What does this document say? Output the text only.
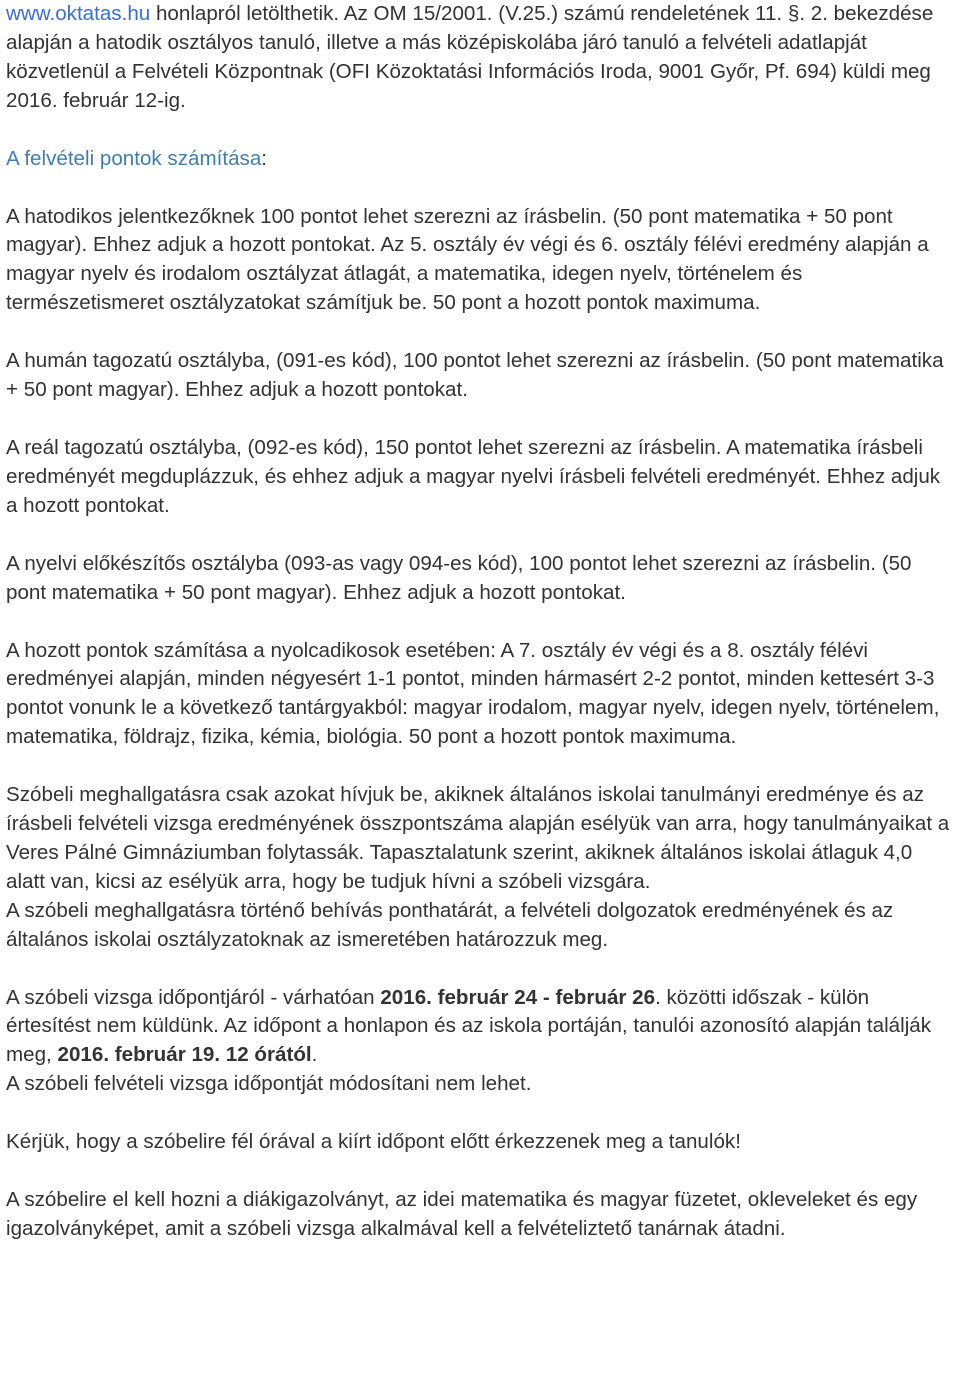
www.oktatas.hu honlapról letölthetik. Az OM 15/2001. (V.25.) számú rendeletének 11. §. 2. bekezdése alapján a hatodik osztályos tanuló, illetve a más középiskolába járó tanuló a felvételi adatlapját közvetlenül a Felvételi Központnak (OFI Közoktatási Információs Iroda, 9001 Győr, Pf. 694) küldi meg 2016. február 12-ig.

A felvételi pontok számítása:

A hatodikos jelentkezőknek 100 pontot lehet szerezni az írásbelin. (50 pont matematika + 50 pont magyar). Ehhez adjuk a hozott pontokat. Az 5. osztály év végi és 6. osztály félévi eredmény alapján a magyar nyelv és irodalom osztályzat átlagát, a matematika, idegen nyelv, történelem és természetismeret osztályzatokat számítjuk be. 50 pont a hozott pontok maximuma.

A humán tagozatú osztályba, (091-es kód), 100 pontot lehet szerezni az írásbelin. (50 pont matematika + 50 pont magyar). Ehhez adjuk a hozott pontokat.

A reál tagozatú osztályba, (092-es kód), 150 pontot lehet szerezni az írásbelin. A matematika írásbeli eredményét megduplázzuk, és ehhez adjuk a magyar nyelvi írásbeli felvételi eredményét. Ehhez adjuk a hozott pontokat.

A nyelvi előkészítős osztályba (093-as vagy 094-es kód), 100 pontot lehet szerezni az írásbelin. (50 pont matematika + 50 pont magyar). Ehhez adjuk a hozott pontokat.

A hozott pontok számítása a nyolcadikosok esetében: A 7. osztály év végi és a 8. osztály félévi eredményei alapján, minden négyesért 1-1 pontot, minden hármasért 2-2 pontot, minden kettesért 3-3 pontot vonunk le a következő tantárgyakból: magyar irodalom, magyar nyelv, idegen nyelv, történelem, matematika, földrajz, fizika, kémia, biológia. 50 pont a hozott pontok maximuma.

Szóbeli meghallgatásra csak azokat hívjuk be, akiknek általános iskolai tanulmányi eredménye és az írásbeli felvételi vizsga eredményének összpontszáma alapján esélyük van arra, hogy tanulmányaikat a Veres Pálné Gimnáziumban folytassák. Tapasztalatunk szerint, akiknek általános iskolai átlaguk 4,0 alatt van, kicsi az esélyük arra, hogy be tudjuk hívni a szóbeli vizsgára.

A szóbeli meghallgatásra történő behívás ponthatárát, a felvételi dolgozatok eredményének és az általános iskolai osztályzatoknak az ismeretében határozzuk meg.

A szóbeli vizsga időpontjáról - várhatóan 2016. február 24 - február 26. közötti időszak - külön értesítést nem küldünk. Az időpont a honlapon és az iskola portáján, tanulói azonosító alapján találják meg, 2016. február 19. 12 órától.

A szóbeli felvételi vizsga időpontját módosítani nem lehet.

Kérjük, hogy a szóbelire fél órával a kiírt időpont előtt érkezzenek meg a tanulók!

A szóbelire el kell hozni a diákigazolványt, az idei matematika és magyar füzetet, okleveleket és egy igazolványképet, amit a szóbeli vizsga alkalmával kell a felvételiztető tanárnak átadni.
